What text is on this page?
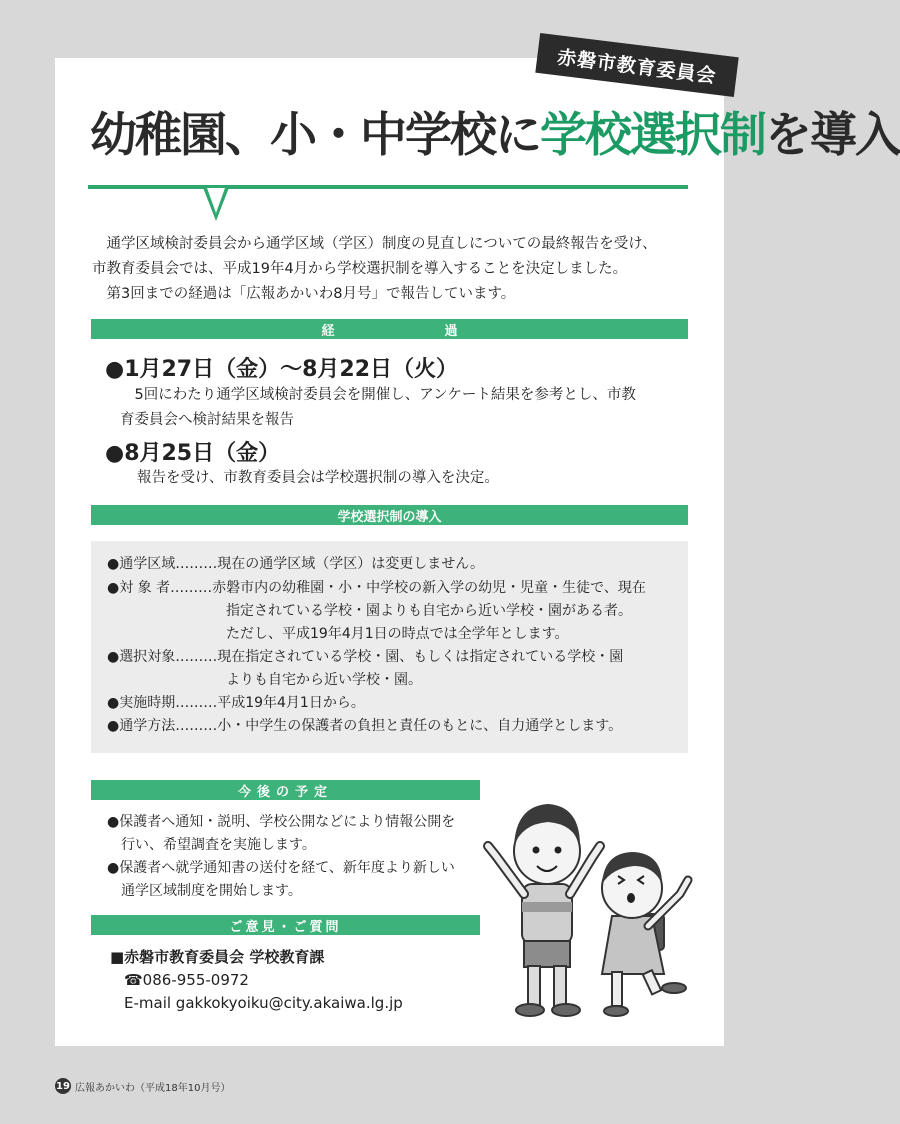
赤磐市教育委員会
幼稚園、小・中学校に学校選択制を導入

通学区域検討委員会から通学区域（学区）制度の見直しについての最終報告を受け、

市教育委員会では、平成19年4月から学校選択制を導入することを決定しました。

第3回までの経過は「広報あかいわ8月号」で報告しています。

経	過
●1月27日（金）～8月22日（火）

5回にわたり通学区域検討委員会を開催し、アンケート結果を参考とし、市教

育委員会へ検討結果を報告

●8月25日（金）

報告を受け、市教育委員会は学校選択制の導入を決定。

学校選択制の導入
●通学区域………現在の通学区域（学区）は変更しません。
●対 象 者………赤磐市内の幼稚園・小・中学校の新入学の幼児・児童・生徒で、現在
指定されている学校・園よりも自宅から近い学校・園がある者。
ただし、平成19年4月1日の時点では全学年とします。
●選択対象………現在指定されている学校・園、もしくは指定されている学校・園
よりも自宅から近い学校・園。
●実施時期………平成19年4月1日から。
●通学方法………小・中学生の保護者の負担と責任のもとに、自力通学とします。
今後の予定

●保護者へ通知・説明、学校公開などにより情報公開を

行い、希望調査を実施します。

●保護者へ就学通知書の送付を経て、新年度より新しい

通学区域制度を開始します。

ご意見・ご質問

■赤磐市教育委員会 学校教育課

☎086-955-0972

E-mail gakkokyoiku@city.akaiwa.lg.jp

19 広報あかいわ（平成18年10月号）
